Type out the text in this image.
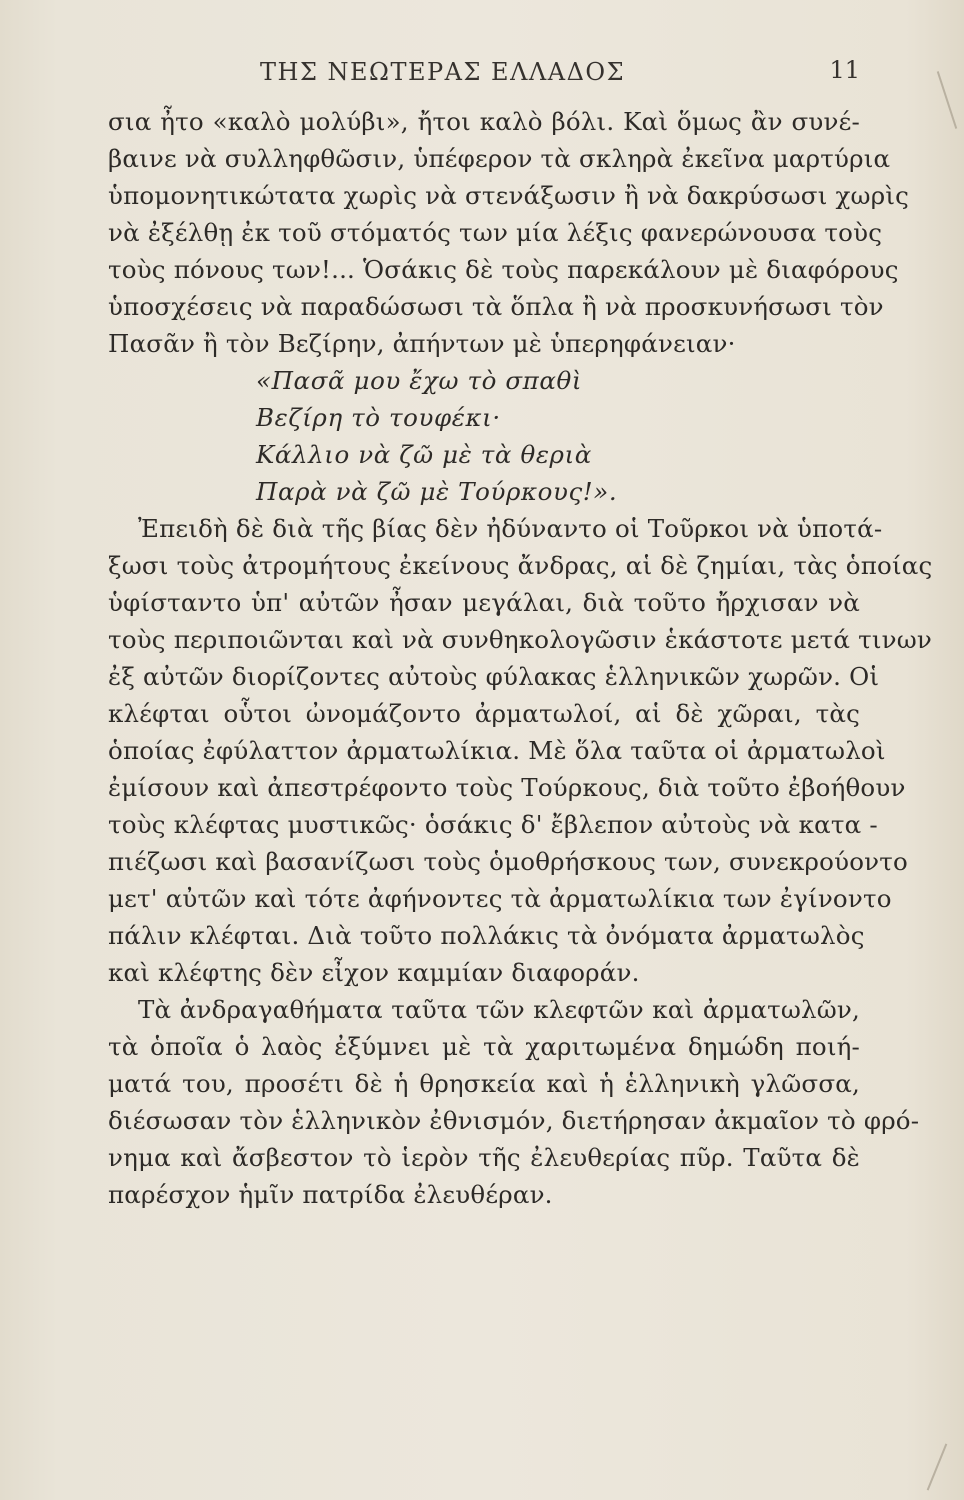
ΤΗΣ ΝΕΩΤΕΡΑΣ ΕΛΛΑΔΟΣ	11
σια ἦτο «καλὸ μολύβι», ἤτοι καλὸ βόλι. Καὶ ὅμως ἂν συνέ-
βαινε νὰ συλληφθῶσιν, ὑπέφερον τὰ σκληρὰ ἐκεῖνα μαρτύρια
ὑπομονητικώτατα χωρὶς νὰ στενάξωσιν ἢ νὰ δακρύσωσι χωρὶς
νὰ ἐξέλθῃ ἐκ τοῦ στόματός των μία λέξις φανερώνουσα τοὺς
τοὺς πόνους των!... Ὁσάκις δὲ τοὺς παρεκάλουν μὲ διαφόρους
ὑποσχέσεις νὰ παραδώσωσι τὰ ὅπλα ἢ νὰ προσκυνήσωσι τὸν
Πασᾶν ἢ τὸν Βεζίρην, ἀπήντων μὲ ὑπερηφάνειαν·
«Πασᾶ μου ἔχω τὸ σπαθὶ
Βεζίρη τὸ τουφέκι·
Κάλλιο νὰ ζῶ μὲ τὰ θεριὰ
Παρὰ νὰ ζῶ μὲ Τούρκους!».
Ἐπειδὴ δὲ διὰ τῆς βίας δὲν ἠδύναντο οἱ Τοῦρκοι νὰ ὑποτά-
ξωσι τοὺς ἀτρομήτους ἐκείνους ἄνδρας, αἱ δὲ ζημίαι, τὰς ὁποίας
ὑφίσταντο ὑπ' αὐτῶν ἦσαν μεγάλαι, διὰ τοῦτο ἤρχισαν νὰ
τοὺς περιποιῶνται καὶ νὰ συνθηκολογῶσιν ἑκάστοτε μετά τινων
ἐξ αὐτῶν διορίζοντες αὐτοὺς φύλακας ἑλληνικῶν χωρῶν. Οἱ
κλέφται οὗτοι ὠνομάζοντο ἀρματωλοί, αἱ δὲ χῶραι, τὰς
ὁποίας ἐφύλαττον ἀρματωλίκια. Μὲ ὅλα ταῦτα οἱ ἀρματωλοὶ
ἐμίσουν καὶ ἀπεστρέφοντο τοὺς Τούρκους, διὰ τοῦτο ἐβοήθουν
τοὺς κλέφτας μυστικῶς· ὁσάκις δ' ἔβλεπον αὐτοὺς νὰ κατα -
πιέζωσι καὶ βασανίζωσι τοὺς ὁμοθρήσκους των, συνεκρούοντο
μετ' αὐτῶν καὶ τότε ἀφήνοντες τὰ ἀρματωλίκια των ἐγίνοντο
πάλιν κλέφται. Διὰ τοῦτο πολλάκις τὰ ὀνόματα ἀρματωλὸς
καὶ κλέφτης δὲν εἶχον καμμίαν διαφοράν.
Τὰ ἀνδραγαθήματα ταῦτα τῶν κλεφτῶν καὶ ἀρματωλῶν,
τὰ ὁποῖα ὁ λαὸς ἐξύμνει μὲ τὰ χαριτωμένα δημώδη ποιή-
ματά του, προσέτι δὲ ἡ θρησκεία καὶ ἡ ἑλληνικὴ γλῶσσα,
διέσωσαν τὸν ἑλληνικὸν ἐθνισμόν, διετήρησαν ἀκμαῖον τὸ φρό-
νημα καὶ ἄσβεστον τὸ ἱερὸν τῆς ἐλευθερίας πῦρ. Ταῦτα δὲ
παρέσχον ἡμῖν πατρίδα ἐλευθέραν.
